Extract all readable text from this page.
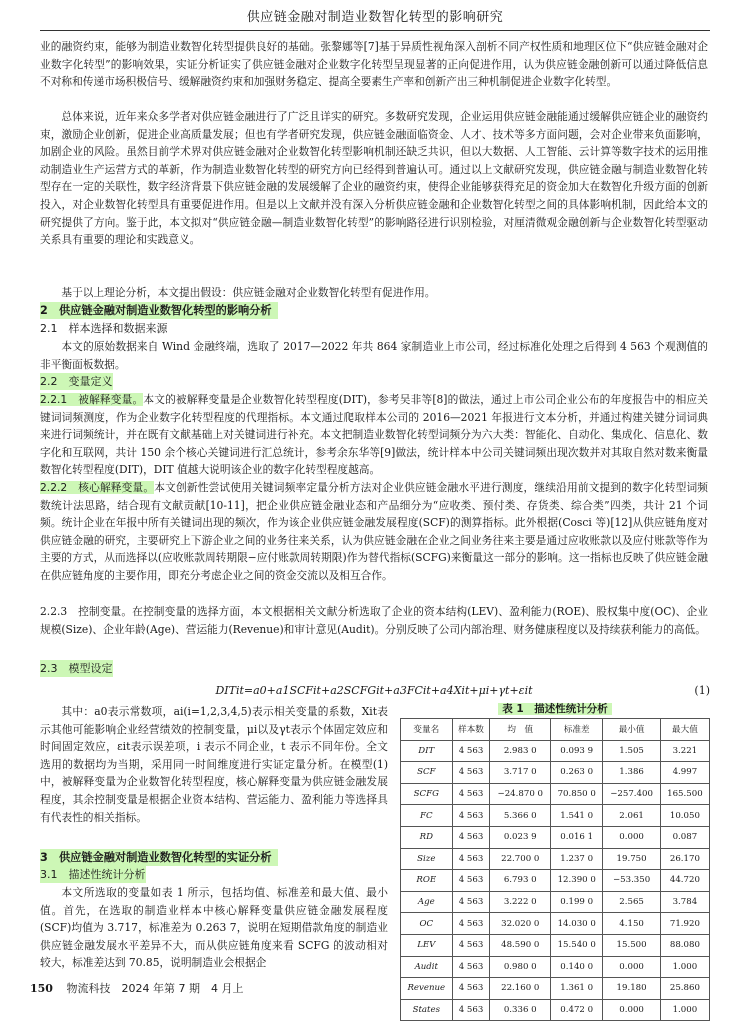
供应链金融对制造业数智化转型的影响研究

业的融资约束，能够为制造业数智化转型提供良好的基础。张黎娜等[7]基于异质性视角深入剖析不同产权性质和地理区位下“供应链金融对企业数字化转型”的影响效果，实证分析证实了供应链金融对企业数字化转型呈现显著的正向促进作用，认为供应链金融创新可以通过降低信息不对称和传递市场积极信号、缓解融资约束和加强财务稳定、提高全要素生产率和创新产出三种机制促进企业数字化转型。

总体来说，近年来众多学者对供应链金融进行了广泛且详实的研究。多数研究发现，企业运用供应链金融能通过缓解供应链企业的融资约束，激励企业创新，促进企业高质量发展；但也有学者研究发现，供应链金融面临资金、人才、技术等多方面问题，会对企业带来负面影响，加剧企业的风险。虽然目前学术界对供应链金融对企业数智化转型影响机制还缺乏共识，但以大数据、人工智能、云计算等数字技术的运用推动制造业生产运营方式的革新，作为制造业数智化转型的研究方向已经得到普遍认可。通过以上文献研究发现，供应链金融与制造业数智化转型存在一定的关联性，数字经济背景下供应链金融的发展缓解了企业的融资约束，使得企业能够获得充足的资金加大在数智化升级方面的创新投入，对企业数智化转型具有重要促进作用。但是以上文献并没有深入分析供应链金融和企业数智化转型之间的具体影响机制，因此给本文的研究提供了方向。鉴于此，本文拟对“供应链金融—制造业数智化转型”的影响路径进行识别检验，对厘清微观金融创新与企业数智化转型驱动关系具有重要的理论和实践意义。

基于以上理论分析，本文提出假设：供应链金融对企业数智化转型有促进作用。

2　供应链金融对制造业数智化转型的影响分析
2.1　样本选择和数据来源

本文的原始数据来自 Wind 金融终端，选取了 2017—2022 年共 864 家制造业上市公司，经过标准化处理之后得到 4 563 个观测值的非平衡面板数据。

2.2　变量定义

2.2.1　被解释变量。本文的被解释变量是企业数智化转型程度(DIT)，参考吴非等[8]的做法，通过上市公司企业公布的年度报告中的相应关键词词频测度，作为企业数字化转型程度的代理指标。本文通过爬取样本公司的 2016—2021 年报进行文本分析，并通过构建关键分词词典来进行词频统计，并在既有文献基础上对关键词进行补充。本文把制造业数智化转型词频分为六大类：智能化、自动化、集成化、信息化、数字化和互联网，共计 150 余个核心关键词进行汇总统计，参考余东华等[9]做法，统计样本中公司关键词频出现次数并对其取自然对数来衡量数智化转型程度(DIT)，DIT 值越大说明该企业的数字化转型程度越高。

2.2.2　核心解释变量。本文创新性尝试使用关键词频率定量分析方法对企业供应链金融水平进行测度，继续沿用前文提到的数字化转型词频数统计法思路，结合现有文献贡献[10-11]，把企业供应链金融业态和产品细分为“应收类、预付类、存货类、综合类”四类，共计 21 个词频。统计企业在年报中所有关键词出现的频次，作为该企业供应链金融发展程度(SCF)的测算指标。此外根据(Cosci 等)[12]从供应链角度对供应链金融的研究，主要研究上下游企业之间的业务往来关系，认为供应链金融在企业之间业务往来主要是通过应收账款以及应付账款等作为主要的方式，从而选择以(应收账款周转期限−应付账款周转期限)作为替代指标(SCFG)来衡量这一部分的影响。这一指标也反映了供应链金融在供应链角度的主要作用，即充分考虑企业之间的资金交流以及相互合作。

2.2.3　控制变量。在控制变量的选择方面，本文根据相关文献分析选取了企业的资本结构(LEV)、盈利能力(ROE)、股权集中度(OC)、企业规模(Size)、企业年龄(Age)、营运能力(Revenue)和审计意见(Audit)。分别反映了公司内部治理、财务健康程度以及持续获利能力的高低。

2.3　模型设定
DITit=a0+a1SCFit+a2SCFGit+a3FCit+a4Xit+μi+γt+εit	(1)

其中：a0表示常数项，ai(i=1,2,3,4,5)表示相关变量的系数，Xit表示其他可能影响企业经营绩效的控制变量，μi以及γt表示个体固定效应和时间固定效应，εit表示误差项，i 表示不同企业，t 表示不同年份。全文选用的数据均为当期，采用同一时间维度进行实证定量分析。在模型(1)中，被解释变量为企业数智化转型程度，核心解释变量为供应链金融发展程度，其余控制变量是根据企业资本结构、营运能力、盈利能力等选择具有代表性的相关指标。

3　供应链金融对制造业数智化转型的实证分析
3.1　描述性统计分析

本文所选取的变量如表 1 所示，包括均值、标准差和最大值、最小值。首先，在选取的制造业样本中核心解释变量供应链金融发展程度(SCF)均值为 3.717，标准差为 0.263 7，说明在短期借款角度的制造业供应链金融发展水平差异不大，而从供应链角度来看 SCFG 的波动相对较大，标准差达到 70.85，说明制造业会根据企

表 1　描述性统计分析
变量名	样本数	均　值	标准差	最小值	最大值
DIT	4 563	2.983 0	0.093 9	1.505	3.221
SCF	4 563	3.717 0	0.263 0	1.386	4.997
SCFG	4 563	−24.870 0	70.850 0	−257.400	165.500
FC	4 563	5.366 0	1.541 0	2.061	10.050
RD	4 563	0.023 9	0.016 1	0.000	0.087
Size	4 563	22.700 0	1.237 0	19.750	26.170
ROE	4 563	6.793 0	12.390 0	−53.350	44.720
Age	4 563	3.222 0	0.199 0	2.565	3.784
OC	4 563	32.020 0	14.030 0	4.150	71.920
LEV	4 563	48.590 0	15.540 0	15.500	88.080
Audit	4 563	0.980 0	0.140 0	0.000	1.000
Revenue	4 563	22.160 0	1.361 0	19.180	25.860
States	4 563	0.336 0	0.472 0	0.000	1.000
150 物流科技　2024 年第 7 期　4 月上
